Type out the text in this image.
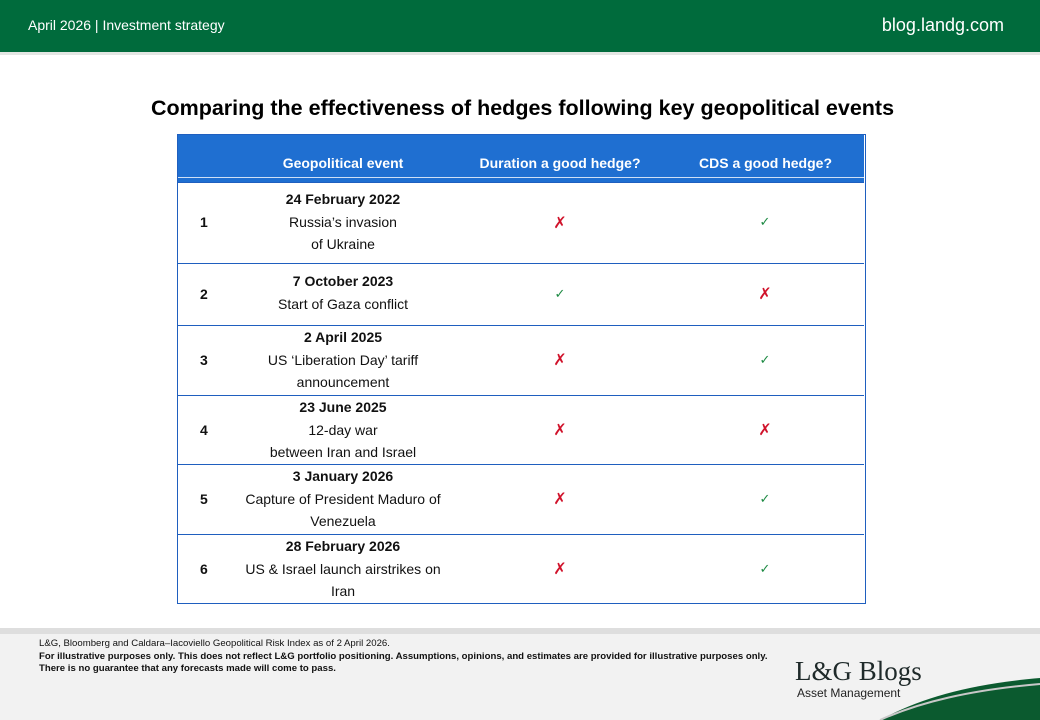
April 2026 | Investment strategy	blog.landg.com
Comparing the effectiveness of hedges following key geopolitical events
Geopolitical event	Duration a good hedge?	CDS a good hedge?
1
24 February 2022
Russia’s invasion
of Ukraine
✗	✓
2
7 October 2023
Start of Gaza conflict
✓	✗
3
2 April 2025
US ‘Liberation Day’ tariff
announcement
✗	✓
4
23 June 2025
12-day war
between Iran and Israel
✗	✗
5
3 January 2026
Capture of President Maduro of
Venezuela
✗	✓
6
28 February 2026
US & Israel launch airstrikes on
Iran
✗	✓
L&G, Bloomberg and Caldara–Iacoviello Geopolitical Risk Index as of 2 April 2026.
For illustrative purposes only. This does not reflect L&G portfolio positioning. Assumptions, opinions, and estimates are provided for illustrative purposes only. There is no guarantee that any forecasts made will come to pass.	L&G Blogs
Asset Management
